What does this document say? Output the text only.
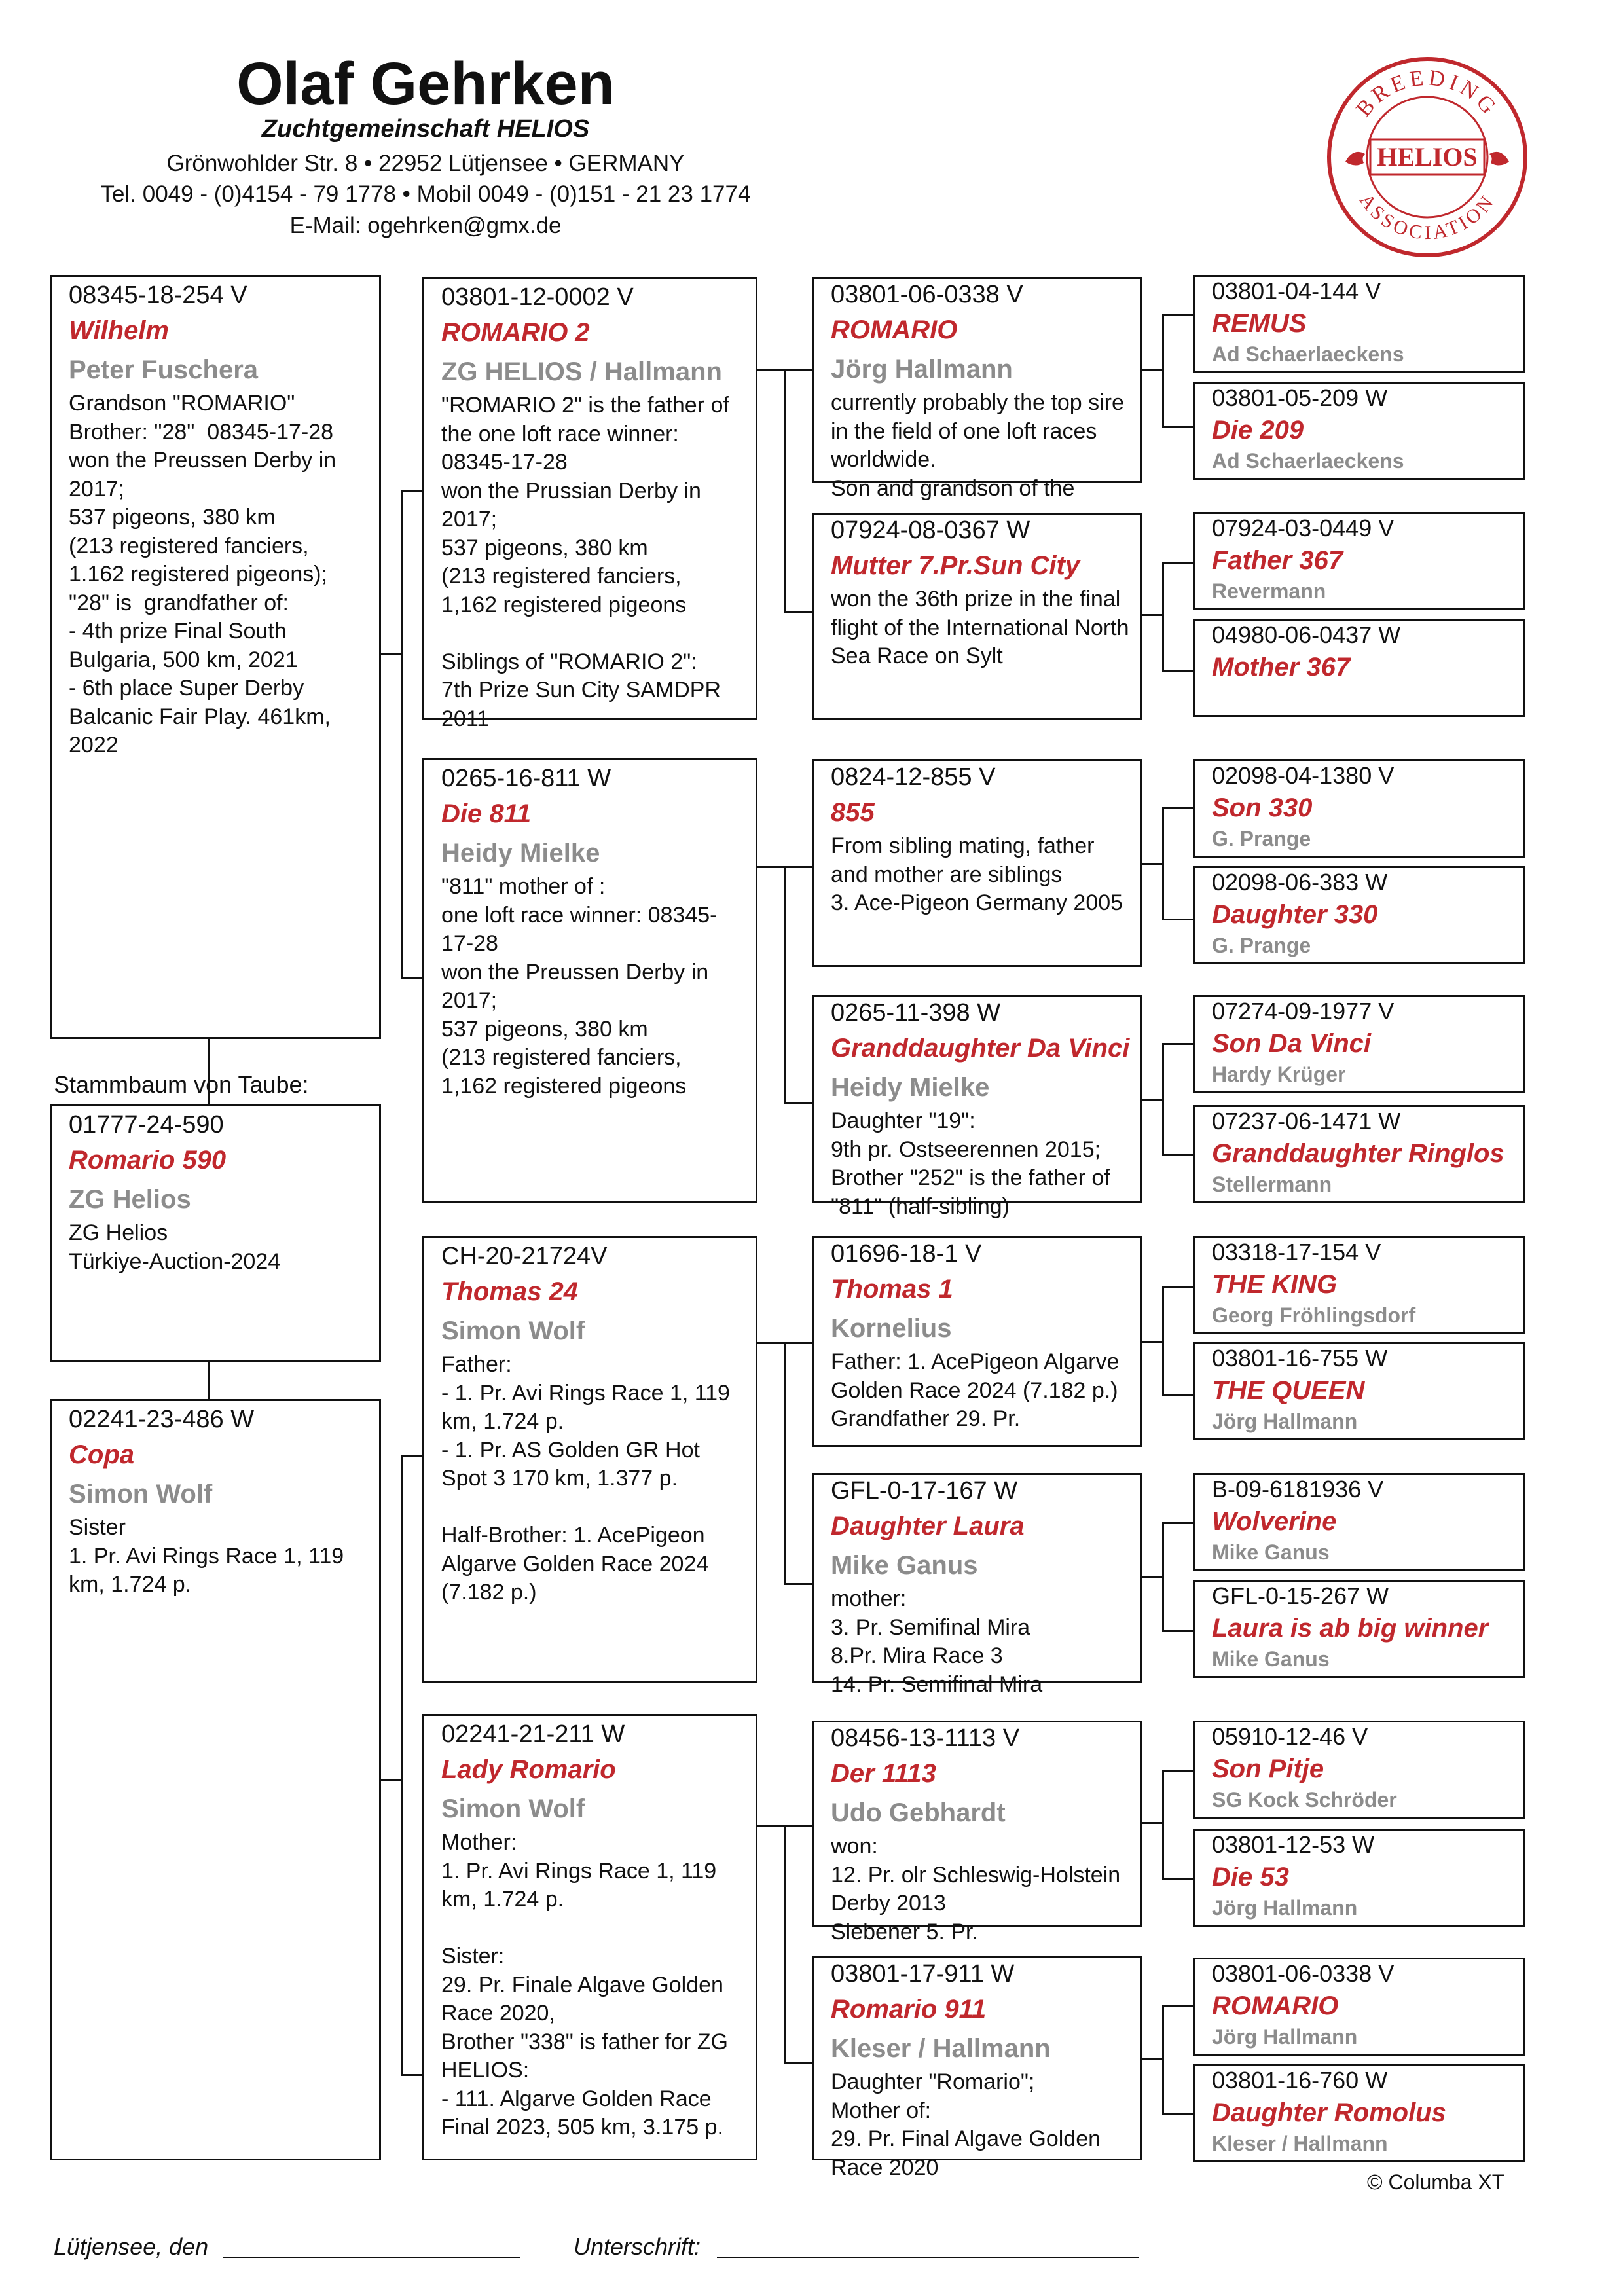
Olaf Gehrken
Zuchtgemeinschaft HELIOS
Grönwohlder Str. 8 • 22952 Lütjensee • GERMANY
Tel. 0049 - (0)4154 - 79 1778 • Mobil 0049 - (0)151 - 21 23 1774
E-Mail: ogehrken@gmx.de
BREEDING
ASSOCIATION
HELIOS
08345-18-254 V
Wilhelm
Peter Fuschera
Grandson "ROMARIO"
Brother: "28"  08345-17-28
won the Preussen Derby in 2017;
537 pigeons, 380 km
(213 registered fanciers,
1.162 registered pigeons);
"28" is  grandfather of:
- 4th prize Final South Bulgaria, 500 km, 2021
- 6th place Super Derby Balcanic Fair Play. 461km, 2022
Stammbaum von Taube:
01777-24-590
Romario 590
ZG Helios
ZG Helios
Türkiye-Auction-2024
02241-23-486 W
Copa
Simon Wolf
Sister
1. Pr. Avi Rings Race 1, 119 km, 1.724 p.
03801-12-0002 V
ROMARIO 2
ZG HELIOS / Hallmann
"ROMARIO 2" is the father of the one loft race winner: 08345-17-28
won the Prussian Derby in 2017;
537 pigeons, 380 km
(213 registered fanciers,
1,162 registered pigeons

Siblings of "ROMARIO 2":
7th Prize Sun City SAMDPR 2011
0265-16-811 W
Die 811
Heidy Mielke
"811" mother of :
one loft race winner: 08345-17-28
won the Preussen Derby in 2017;
537 pigeons, 380 km
(213 registered fanciers,
1,162 registered pigeons
CH-20-21724V
Thomas 24
Simon Wolf
Father:
- 1. Pr. Avi Rings Race 1, 119 km, 1.724 p.
- 1. Pr. AS Golden GR Hot Spot 3 170 km, 1.377 p.

Half-Brother: 1. AcePigeon Algarve Golden Race 2024 (7.182 p.)
02241-21-211 W
Lady Romario
Simon Wolf
Mother:
1. Pr. Avi Rings Race 1, 119 km, 1.724 p.

Sister:
29. Pr. Finale Algave Golden Race 2020,
Brother "338" is father for ZG HELIOS:
- 111. Algarve Golden Race Final 2023, 505 km, 3.175 p.
03801-06-0338 V
ROMARIO
Jörg Hallmann
currently probably the top sire in the field of one loft races worldwide.
Son and grandson of the
07924-08-0367 W
Mutter 7.Pr.Sun City
won the 36th prize in the final flight of the International North Sea Race on Sylt
0824-12-855 V
855
From sibling mating, father and mother are siblings
3. Ace-Pigeon Germany 2005
0265-11-398 W
Granddaughter Da Vinci
Heidy Mielke
Daughter "19":
9th pr. Ostseerennen 2015;
Brother "252" is the father of "811" (half-sibling)
01696-18-1 V
Thomas 1
Kornelius
Father: 1. AcePigeon Algarve Golden Race 2024 (7.182 p.)
Grandfather 29. Pr.
GFL-0-17-167 W
Daughter Laura
Mike Ganus
mother:
3. Pr. Semifinal Mira
8.Pr. Mira Race 3
14. Pr. Semifinal Mira
08456-13-1113 V
Der 1113
Udo Gebhardt
won:
12. Pr. olr Schleswig-Holstein Derby 2013
Siebener 5. Pr.
03801-17-911 W
Romario 911
Kleser / Hallmann
Daughter "Romario";
Mother of:
29. Pr. Final Algave Golden Race 2020
03801-04-144 V
REMUS
Ad Schaerlaeckens
03801-05-209 W
Die 209
Ad Schaerlaeckens
07924-03-0449 V
Father 367
Revermann
04980-06-0437 W
Mother 367
02098-04-1380 V
Son 330
G. Prange
02098-06-383 W
Daughter 330
G. Prange
07274-09-1977 V
Son Da Vinci
Hardy Krüger
07237-06-1471 W
Granddaughter Ringlos
Stellermann
03318-17-154 V
THE KING
Georg Fröhlingsdorf
03801-16-755 W
THE QUEEN
Jörg Hallmann
B-09-6181936 V
Wolverine
Mike Ganus
GFL-0-15-267 W
Laura is ab big winner
Mike Ganus
05910-12-46 V
Son Pitje
SG Kock Schröder
03801-12-53 W
Die 53
Jörg Hallmann
03801-06-0338 V
ROMARIO
Jörg Hallmann
03801-16-760 W
Daughter Romolus
Kleser / Hallmann
© Columba XT
Lütjensee, den	Unterschrift:
